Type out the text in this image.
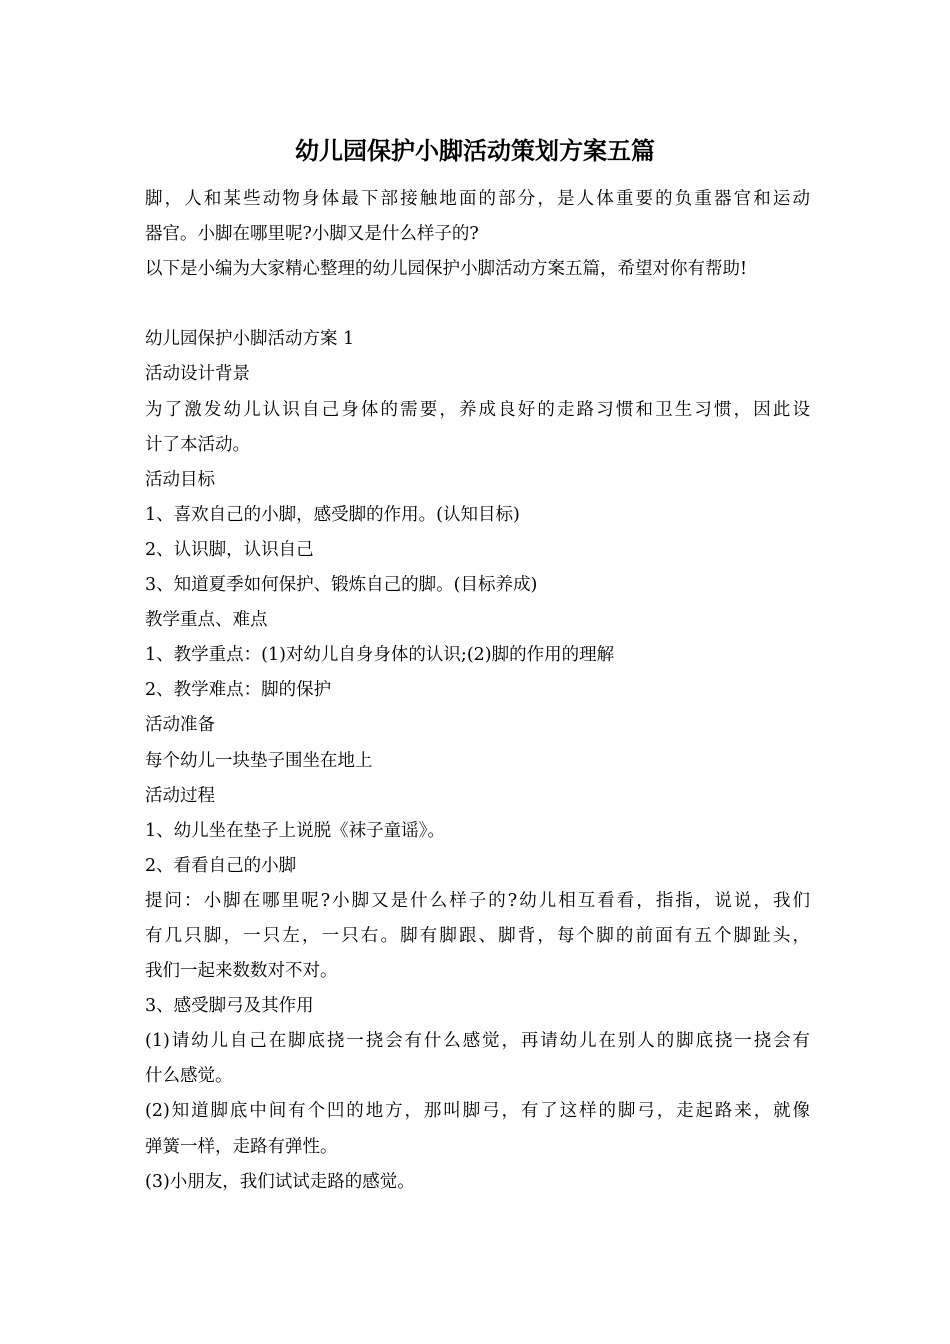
幼儿园保护小脚活动策划方案五篇
脚，人和某些动物身体最下部接触地面的部分，是人体重要的负重器官和运动
器官。小脚在哪里呢?小脚又是什么样子的?
以下是小编为大家精心整理的幼儿园保护小脚活动方案五篇，希望对你有帮助!
幼儿园保护小脚活动方案 1
活动设计背景
为了激发幼儿认识自己身体的需要，养成良好的走路习惯和卫生习惯，因此设
计了本活动。
活动目标
1、喜欢自己的小脚，感受脚的作用。(认知目标)
2、认识脚，认识自己
3、知道夏季如何保护、锻炼自己的脚。(目标养成)
教学重点、难点
1、教学重点：(1)对幼儿自身身体的认识;(2)脚的作用的理解
2、教学难点：脚的保护
活动准备
每个幼儿一块垫子围坐在地上
活动过程
1、幼儿坐在垫子上说脱《袜子童谣》。
2、看看自己的小脚
提问：小脚在哪里呢?小脚又是什么样子的?幼儿相互看看，指指，说说，我们
有几只脚，一只左，一只右。脚有脚跟、脚背，每个脚的前面有五个脚趾头，
我们一起来数数对不对。
3、感受脚弓及其作用
(1)请幼儿自己在脚底挠一挠会有什么感觉，再请幼儿在别人的脚底挠一挠会有
什么感觉。
(2)知道脚底中间有个凹的地方，那叫脚弓，有了这样的脚弓，走起路来，就像
弹簧一样，走路有弹性。
(3)小朋友，我们试试走路的感觉。
